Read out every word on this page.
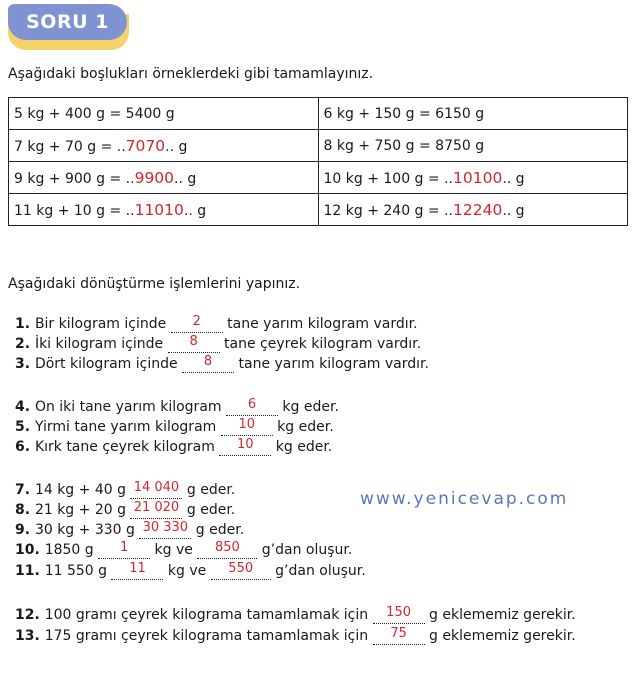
SORU 1
Aşağıdaki boşlukları örneklerdeki gibi tamamlayınız.
5 kg + 400 g = 5400 g	6 kg + 150 g = 6150 g
7 kg + 70 g = ..7070.. g	8 kg + 750 g = 8750 g
9 kg + 900 g = ..9900.. g	10 kg + 100 g = ..10100.. g
11 kg + 10 g = ..11010.. g	12 kg + 240 g = ..12240.. g
Aşağıdaki dönüştürme işlemlerini yapınız.
1. Bir kilogram içinde 2 tane yarım kilogram vardır.
2. İki kilogram içinde 8 tane çeyrek kilogram vardır.
3. Dört kilogram içinde 8 tane yarım kilogram vardır.
4. On iki tane yarım kilogram 6 kg eder.
5. Yirmi tane yarım kilogram 10 kg eder.
6. Kırk tane çeyrek kilogram 10 kg eder.
7. 14 kg + 40 g 14 040 g eder.
8. 21 kg + 20 g 21 020 g eder.
9. 30 kg + 330 g 30 330 g eder.
10. 1850 g 1 kg ve 850 g’dan oluşur.
11. 11 550 g 11 kg ve 550 g’dan oluşur.
12. 100 gramı çeyrek kilograma tamamlamak için 150 g eklememiz gerekir.
13. 175 gramı çeyrek kilograma tamamlamak için 75 g eklememiz gerekir.
www.yenicevap.com
